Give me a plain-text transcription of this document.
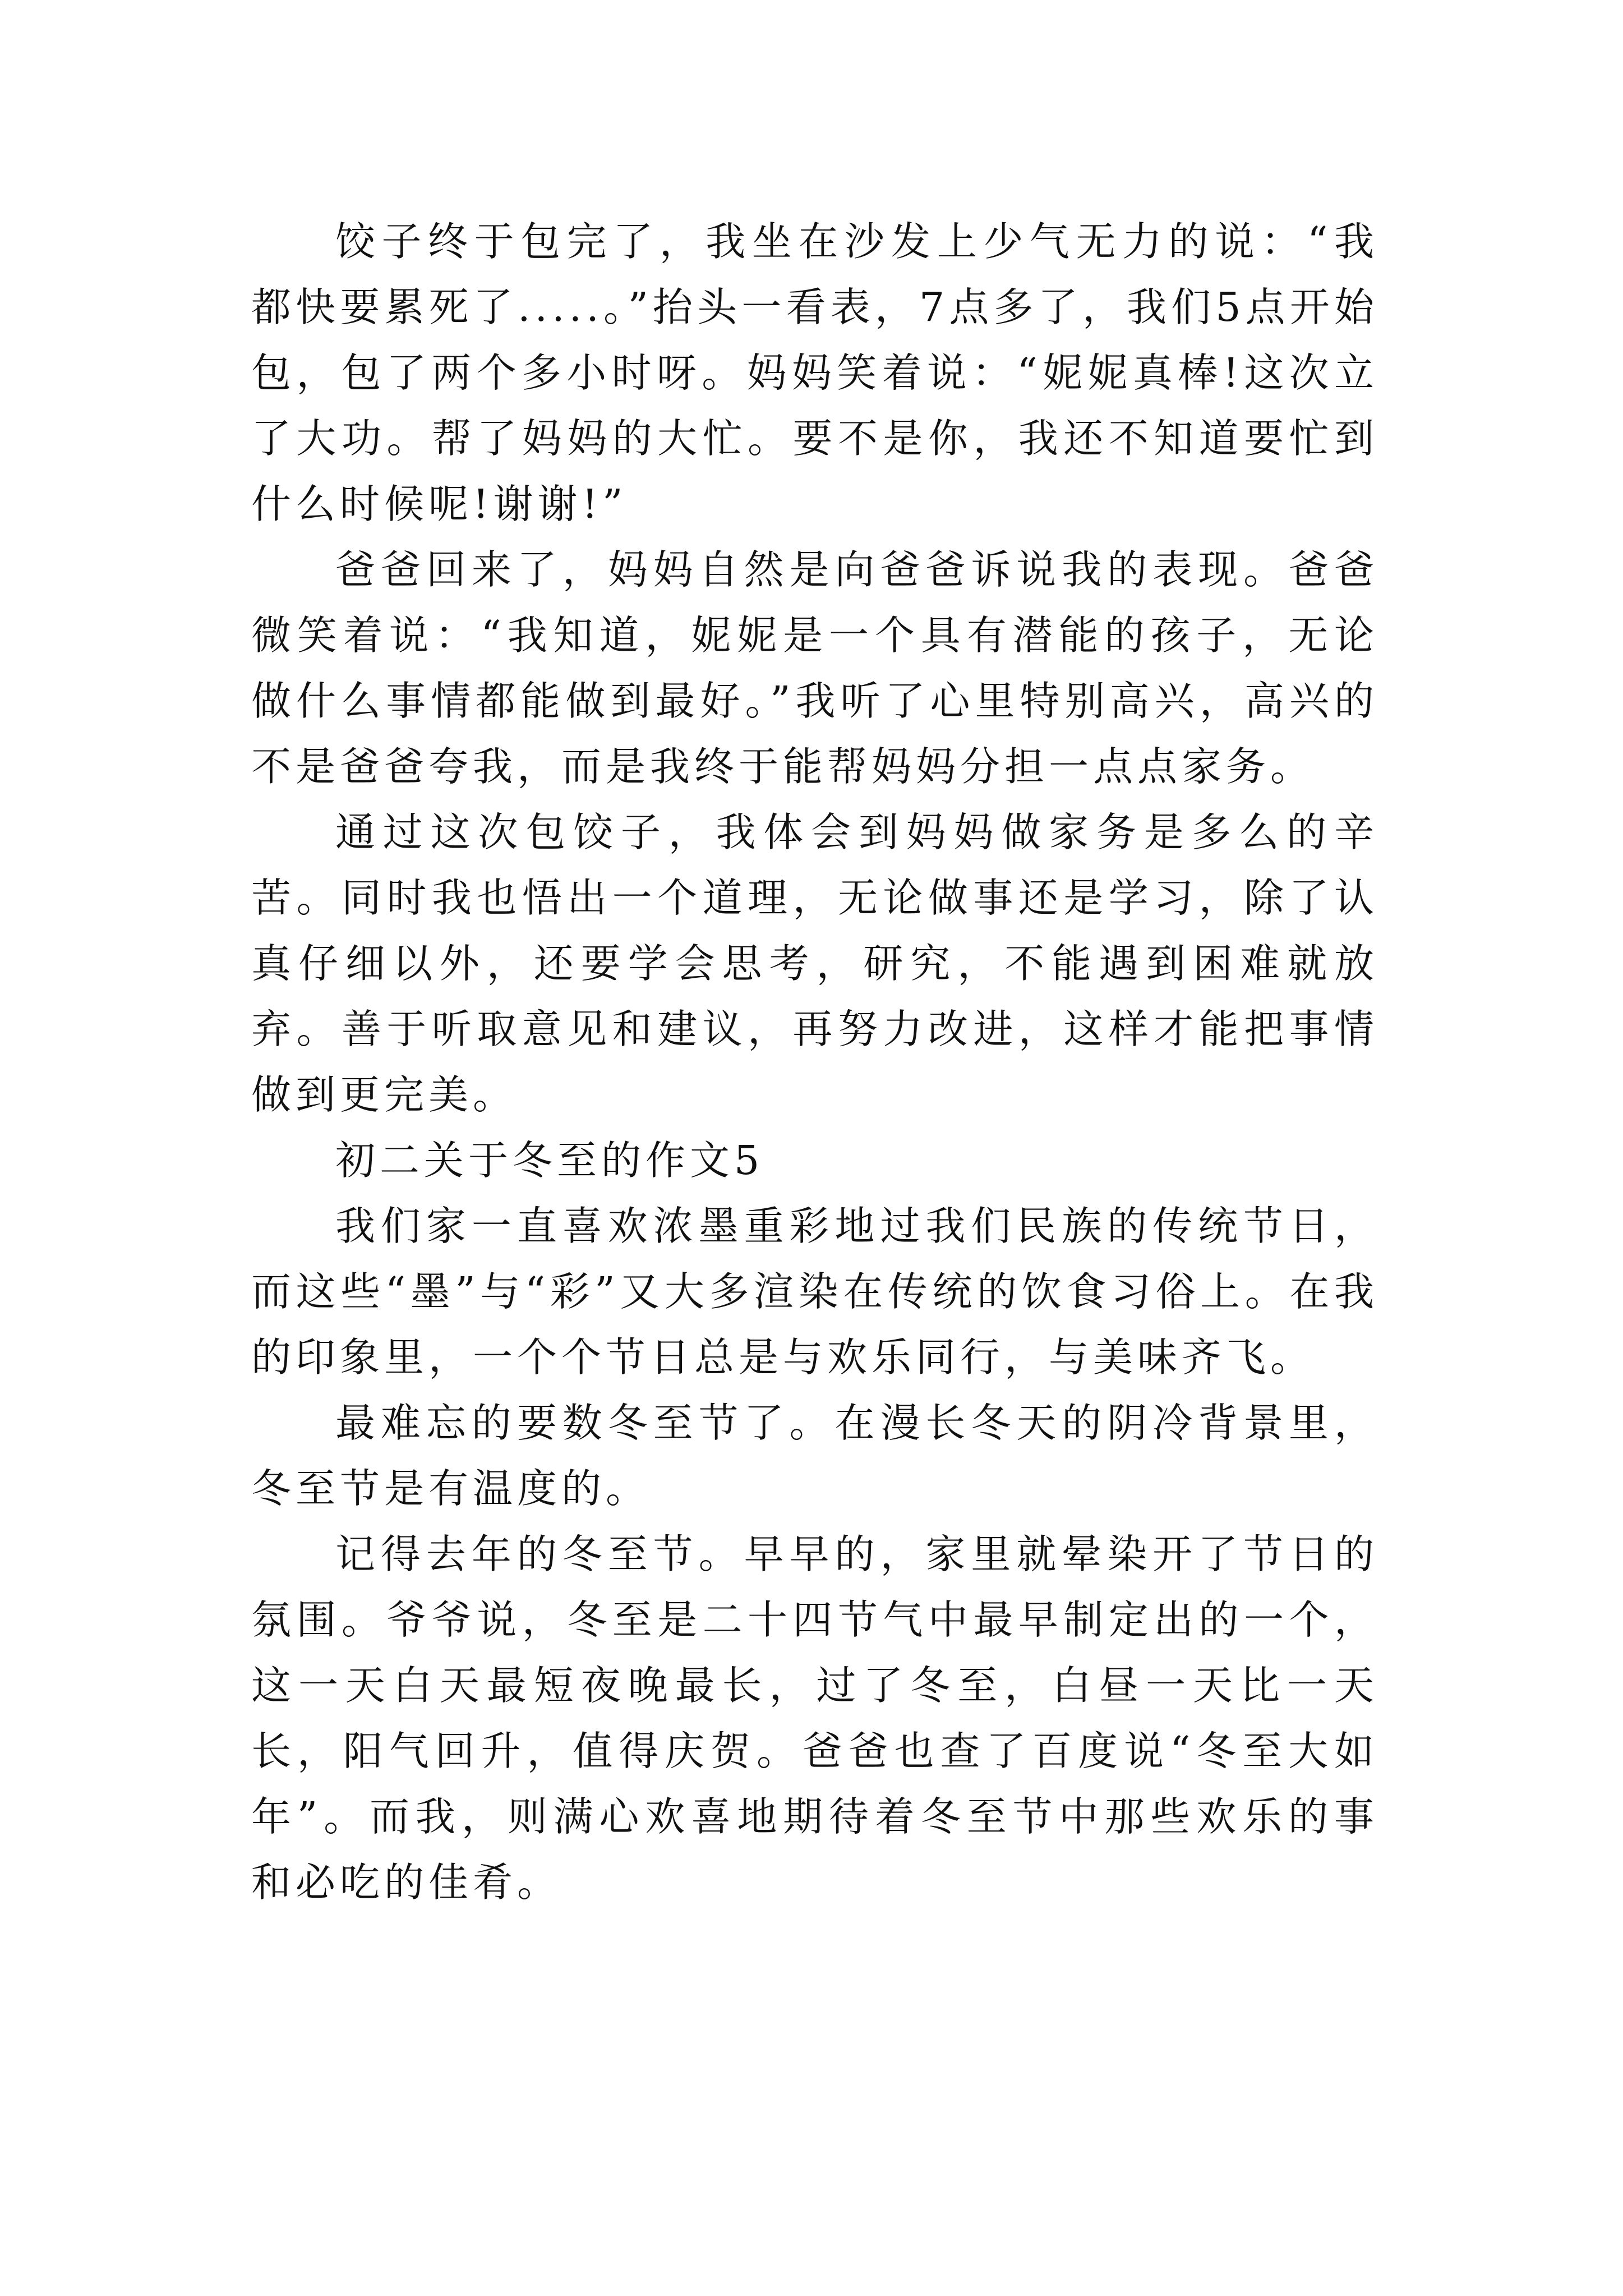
饺子终于包完了，我坐在沙发上少气无力的说：“我都快要累死了.....。”抬头一看表，7点多了，我们5点开始包，包了两个多小时呀。妈妈笑着说：“妮妮真棒!这次立了大功。帮了妈妈的大忙。要不是你，我还不知道要忙到什么时候呢!谢谢!”

爸爸回来了，妈妈自然是向爸爸诉说我的表现。爸爸微笑着说：“我知道，妮妮是一个具有潜能的孩子，无论做什么事情都能做到最好。”我听了心里特别高兴，高兴的不是爸爸夸我，而是我终于能帮妈妈分担一点点家务。

通过这次包饺子，我体会到妈妈做家务是多么的辛苦。同时我也悟出一个道理，无论做事还是学习，除了认真仔细以外，还要学会思考，研究，不能遇到困难就放弃。善于听取意见和建议，再努力改进，这样才能把事情做到更完美。

初二关于冬至的作文5

我们家一直喜欢浓墨重彩地过我们民族的传统节日，而这些“墨”与“彩”又大多渲染在传统的饮食习俗上。在我的印象里，一个个节日总是与欢乐同行，与美味齐飞。

最难忘的要数冬至节了。在漫长冬天的阴冷背景里，冬至节是有温度的。

记得去年的冬至节。早早的，家里就晕染开了节日的氛围。爷爷说，冬至是二十四节气中最早制定出的一个，这一天白天最短夜晚最长，过了冬至，白昼一天比一天长，阳气回升，值得庆贺。爸爸也查了百度说“冬至大如年”。而我，则满心欢喜地期待着冬至节中那些欢乐的事和必吃的佳肴。
